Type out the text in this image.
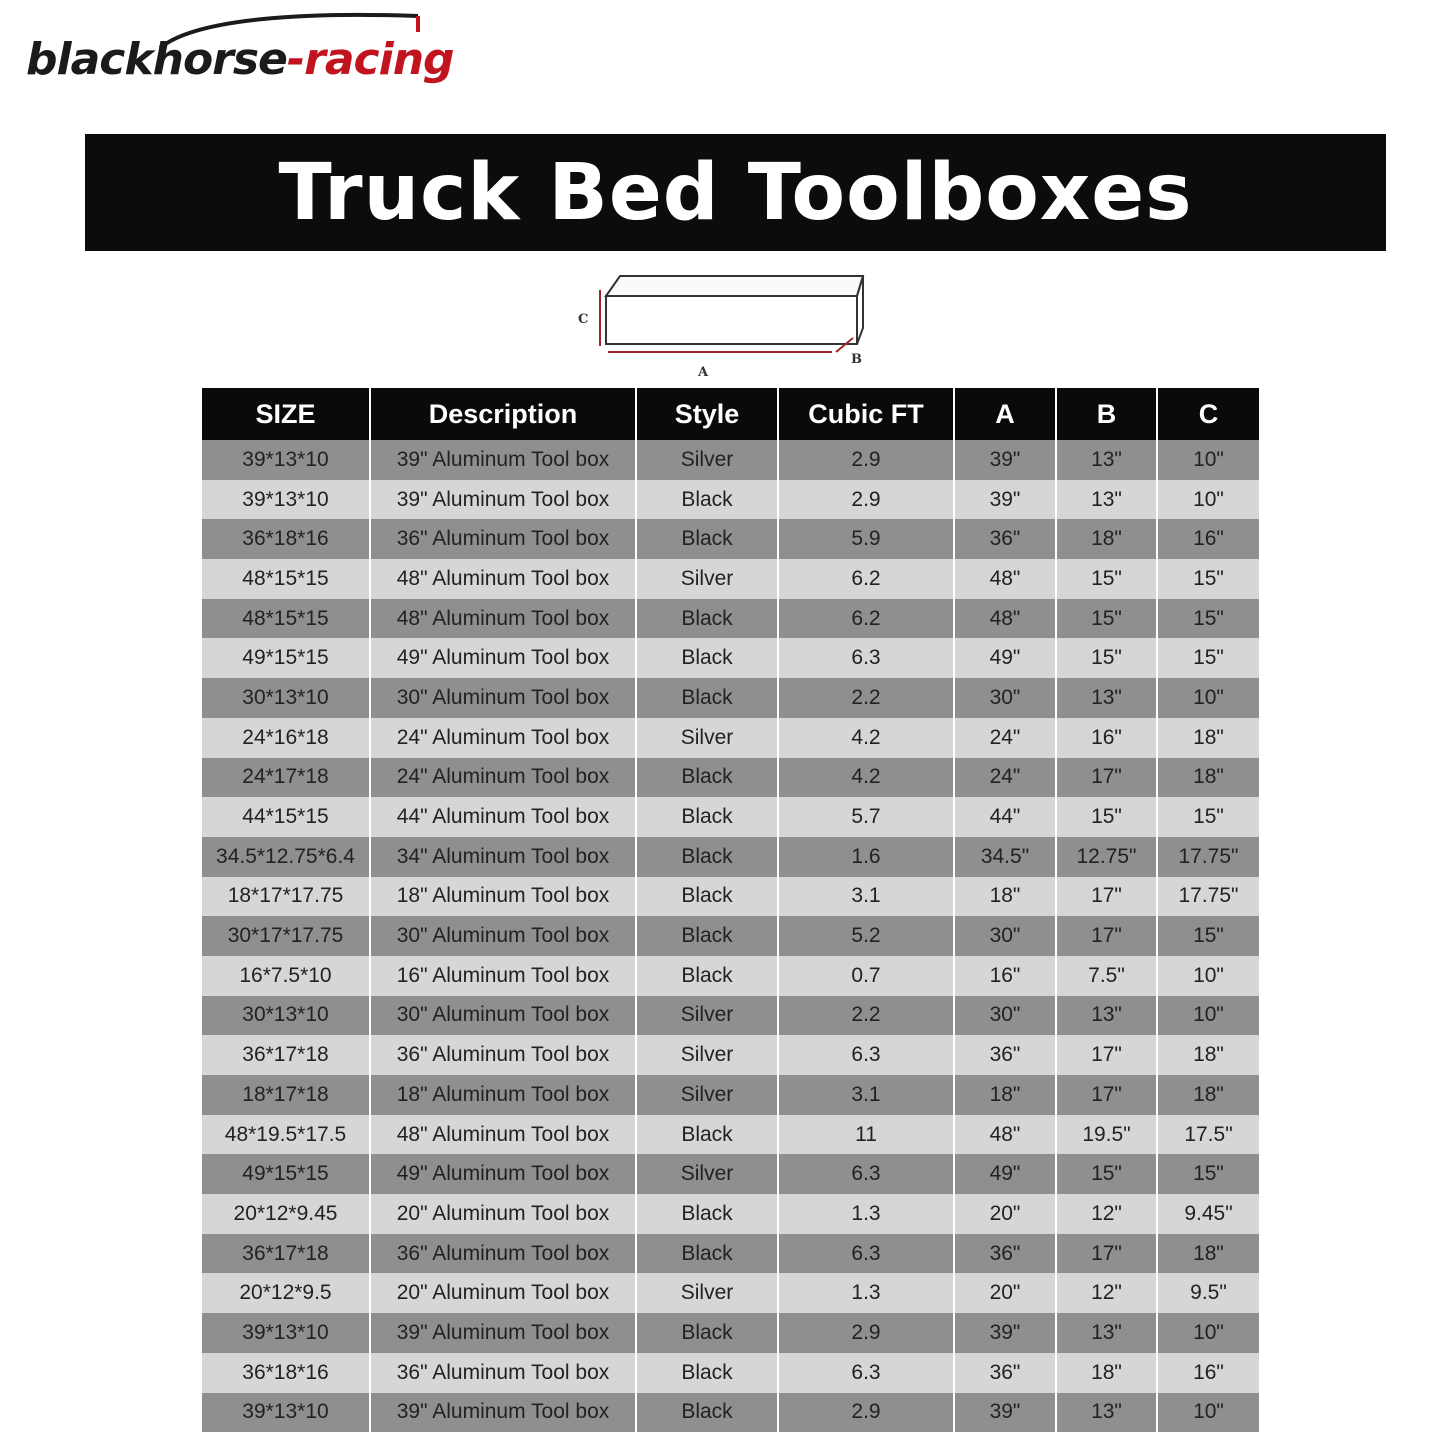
blackhorse-racing
Truck Bed Toolboxes
C
A
B
SIZE	Description	Style	Cubic FT	A	B	C
39*13*10	39" Aluminum Tool box	Silver	2.9	39"	13"	10"
39*13*10	39" Aluminum Tool box	Black	2.9	39"	13"	10"
36*18*16	36" Aluminum Tool box	Black	5.9	36"	18"	16"
48*15*15	48" Aluminum Tool box	Silver	6.2	48"	15"	15"
48*15*15	48" Aluminum Tool box	Black	6.2	48"	15"	15"
49*15*15	49" Aluminum Tool box	Black	6.3	49"	15"	15"
30*13*10	30" Aluminum Tool box	Black	2.2	30"	13"	10"
24*16*18	24" Aluminum Tool box	Silver	4.2	24"	16"	18"
24*17*18	24" Aluminum Tool box	Black	4.2	24"	17"	18"
44*15*15	44" Aluminum Tool box	Black	5.7	44"	15"	15"
34.5*12.75*6.4	34" Aluminum Tool box	Black	1.6	34.5"	12.75"	17.75"
18*17*17.75	18" Aluminum Tool box	Black	3.1	18"	17"	17.75"
30*17*17.75	30" Aluminum Tool box	Black	5.2	30"	17"	15"
16*7.5*10	16" Aluminum Tool box	Black	0.7	16"	7.5"	10"
30*13*10	30" Aluminum Tool box	Silver	2.2	30"	13"	10"
36*17*18	36" Aluminum Tool box	Silver	6.3	36"	17"	18"
18*17*18	18" Aluminum Tool box	Silver	3.1	18"	17"	18"
48*19.5*17.5	48" Aluminum Tool box	Black	11	48"	19.5"	17.5"
49*15*15	49" Aluminum Tool box	Silver	6.3	49"	15"	15"
20*12*9.45	20" Aluminum Tool box	Black	1.3	20"	12"	9.45"
36*17*18	36" Aluminum Tool box	Black	6.3	36"	17"	18"
20*12*9.5	20" Aluminum Tool box	Silver	1.3	20"	12"	9.5"
39*13*10	39" Aluminum Tool box	Black	2.9	39"	13"	10"
36*18*16	36" Aluminum Tool box	Black	6.3	36"	18"	16"
39*13*10	39" Aluminum Tool box	Black	2.9	39"	13"	10"
